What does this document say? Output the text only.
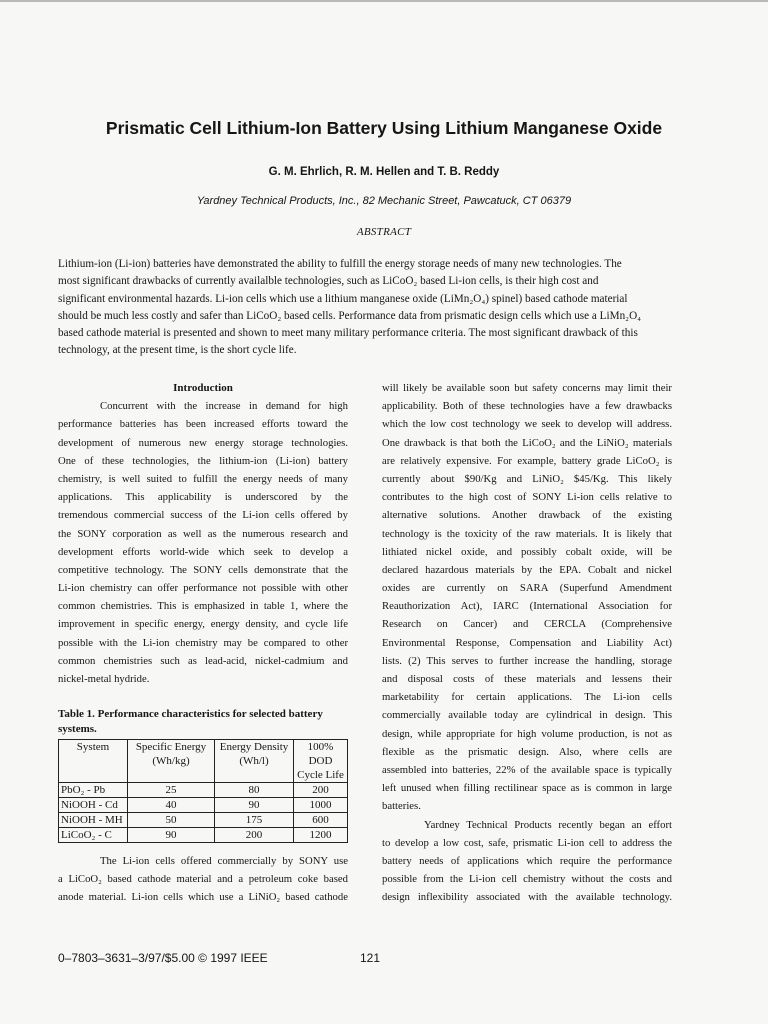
Prismatic Cell Lithium-Ion Battery Using Lithium Manganese Oxide
G. M. Ehrlich, R. M. Hellen and T. B. Reddy
Yardney Technical Products, Inc., 82 Mechanic Street, Pawcatuck, CT 06379
ABSTRACT
Lithium-ion (Li-ion) batteries have demonstrated the ability to fulfill the energy storage needs of many new technologies. The
most significant drawbacks of currently availalble technologies, such as LiCoO₂ based Li-ion cells, is their high cost and
significant environmental hazards. Li-ion cells which use a lithium manganese oxide (LiMn₂O₄) spinel) based cathode material
should be much less costly and safer than LiCoO₂ based cells. Performance data from prismatic design cells which use a LiMn₂O₄
based cathode material is presented and shown to meet many military performance criteria. The most significant drawback of this
technology, at the present time, is the short cycle life.
Introduction
Concurrent with the increase in demand for high
performance batteries has been increased efforts toward the
development of numerous new energy storage technologies.
One of these technologies, the lithium-ion (Li-ion) battery
chemistry, is well suited to fulfill the energy needs of many
applications. This applicability is underscored by the
tremendous commercial success of the Li-ion cells offered by
the SONY corporation as well as the numerous research and
development efforts world-wide which seek to develop a
competitive technology. The SONY cells demonstrate that the
Li-ion chemistry can offer performance not possible with other
common chemistries. This is emphasized in table 1, where the
improvement in specific energy, energy density, and cycle life
possible with the Li-ion chemistry may be compared to other
common chemistries such as lead-acid, nickel-cadmium and
nickel-metal hydride.
Table 1. Performance characteristics for selected battery systems.
System	Specific Energy (Wh/kg)	Energy Density (Wh/l)	100% DOD Cycle Life
PbO₂ - Pb	25	80	200
NiOOH - Cd	40	90	1000
NiOOH - MH	50	175	600
LiCoO₂ - C	90	200	1200
The Li-ion cells offered commercially by SONY use
a LiCoO₂ based cathode material and a petroleum coke based
anode material. Li-ion cells which use a LiNiO₂ based cathode
will likely be available soon but safety concerns may limit their
applicability. Both of these technologies have a few drawbacks
which the low cost technology we seek to develop will address.
One drawback is that both the LiCoO₂ and the LiNiO₂ materials
are relatively expensive. For example, battery grade LiCoO₂ is
currently about $90/Kg and LiNiO₂ $45/Kg. This likely
contributes to the high cost of SONY Li-ion cells relative to
alternative solutions. Another drawback of the existing
technology is the toxicity of the raw materials. It is likely that
lithiated nickel oxide, and possibly cobalt oxide, will be
declared hazardous materials by the EPA. Cobalt and nickel
oxides are currently on SARA (Superfund Amendment
Reauthorization Act), IARC (International Association for
Research on Cancer) and CERCLA (Comprehensive
Environmental Response, Compensation and Liability Act)
lists. (2) This serves to further increase the handling, storage
and disposal costs of these materials and lessens their
marketability for certain applications. The Li-ion cells
commercially available today are cylindrical in design. This
design, while appropriate for high volume production, is not as
flexible as the prismatic design. Also, where cells are
assembled into batteries, 22% of the available space is typically
left unused when filling rectilinear space as is common in large
batteries.
Yardney Technical Products recently began an effort
to develop a low cost, safe, prismatic Li-ion cell to address the
battery needs of applications which require the performance
possible from the Li-ion cell chemistry without the costs and
design inflexibility associated with the available technology.
0–7803–3631–3/97/$5.00 © 1997 IEEE	121
